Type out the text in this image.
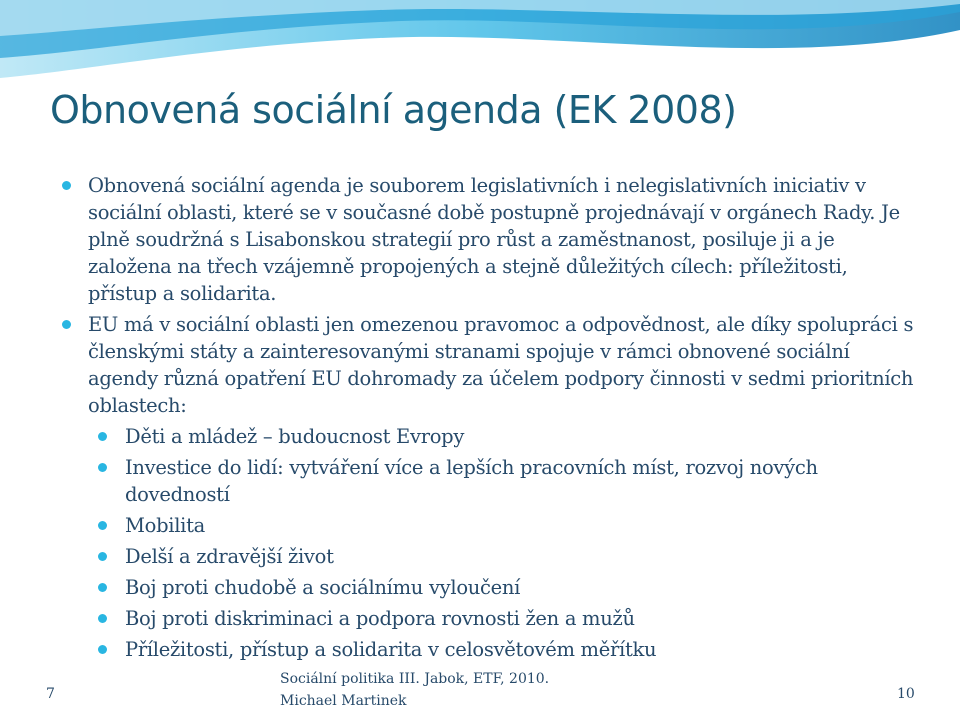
Obnovená sociální agenda (EK 2008)
Obnovená sociální agenda je souborem legislativních i nelegislativních iniciativ v sociální oblasti, které se v současné době postupně projednávají v orgánech Rady. Je plně soudržná s Lisabonskou strategií pro růst a zaměstnanost, posiluje ji a je založena na třech vzájemně propojených a stejně důležitých cílech: příležitosti, přístup a solidarita.
EU má v sociální oblasti jen omezenou pravomoc a odpovědnost, ale díky spolupráci s členskými státy a zainteresovanými stranami spojuje v rámci obnovené sociální agendy různá opatření EU dohromady za účelem podpory činnosti v sedmi prioritních oblastech:
Děti a mládež – budoucnost Evropy
Investice do lidí: vytváření více a lepších pracovních míst, rozvoj nových dovedností
Mobilita
Delší a zdravější život
Boj proti chudobě a sociálnímu vyloučení
Boj proti diskriminaci a podpora rovnosti žen a mužů
Příležitosti, přístup a solidarita v celosvětovém měřítku
7
Sociální politika III. Jabok, ETF, 2010.
Michael Martinek	10
